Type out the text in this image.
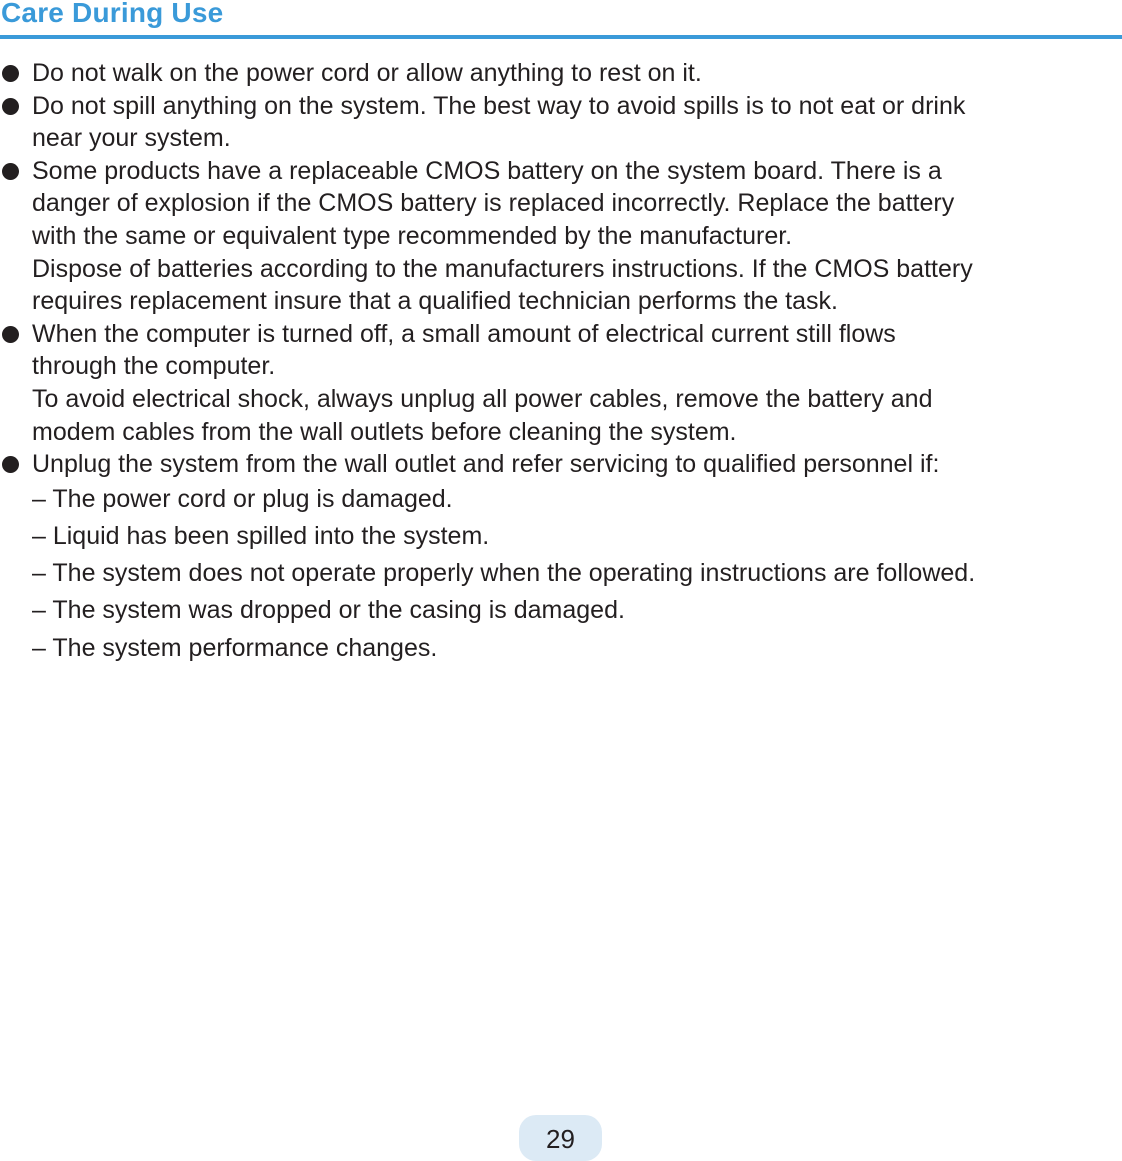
Care During Use
Do not walk on the power cord or allow anything to rest on it.
Do not spill anything on the system. The best way to avoid spills is to not eat or drink
near your system.
Some products have a replaceable CMOS battery on the system board. There is a
danger of explosion if the CMOS battery is replaced incorrectly. Replace the battery
with the same or equivalent type recommended by the manufacturer.
Dispose of batteries according to the manufacturers instructions. If the CMOS battery
requires replacement insure that a qualified technician performs the task.
When the computer is turned off, a small amount of electrical current still flows
through the computer.
To avoid electrical shock, always unplug all power cables, remove the battery and
modem cables from the wall outlets before cleaning the system.
Unplug the system from the wall outlet and refer servicing to qualified personnel if:
– The power cord or plug is damaged.
– Liquid has been spilled into the system.
– The system does not operate properly when the operating instructions are followed.
– The system was dropped or the casing is damaged.
– The system performance changes.
29
